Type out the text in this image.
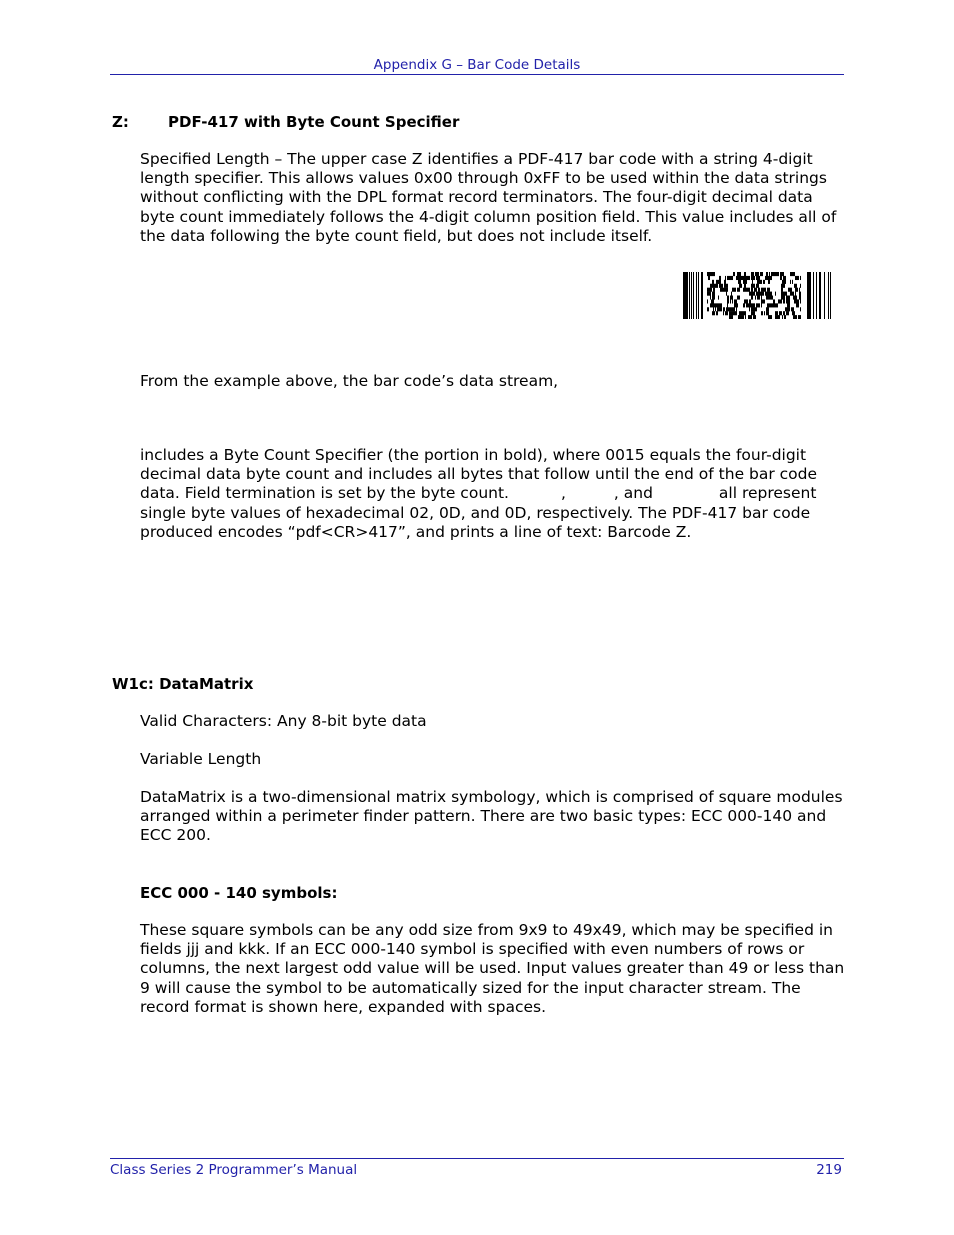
Appendix G – Bar Code Details
Z:	PDF-417 with Byte Count Specifier
Specified Length – The upper case Z identifies a PDF-417 bar code with a string 4-digit length specifier. This allows values 0x00 through 0xFF to be used within the data strings without conflicting with the DPL format record terminators. The four-digit decimal data byte count immediately follows the 4-digit column position field. This value includes all of the data following the byte count field, but does not include itself.
From the example above, the bar code’s data stream,
includes a Byte Count Specifier (the portion in bold), where 0015 equals the four-digit decimal data byte count and includes all bytes that follow until the end of the bar code data. Field termination is set by the byte count.	,	, and	all represent single byte values of hexadecimal 02, 0D, and 0D, respectively. The PDF-417 bar code produced encodes “pdf<CR>417”, and prints a line of text: Barcode Z.
W1c: DataMatrix
Valid Characters: Any 8-bit byte data
Variable Length
DataMatrix is a two-dimensional matrix symbology, which is comprised of square modules arranged within a perimeter finder pattern. There are two basic types: ECC 000-140 and ECC 200.
ECC 000 - 140 symbols:
These square symbols can be any odd size from 9x9 to 49x49, which may be specified in fields jjj and kkk. If an ECC 000-140 symbol is specified with even numbers of rows or columns, the next largest odd value will be used. Input values greater than 49 or less than 9 will cause the symbol to be automatically sized for the input character stream. The record format is shown here, expanded with spaces.
Class Series 2 Programmer’s Manual	219
